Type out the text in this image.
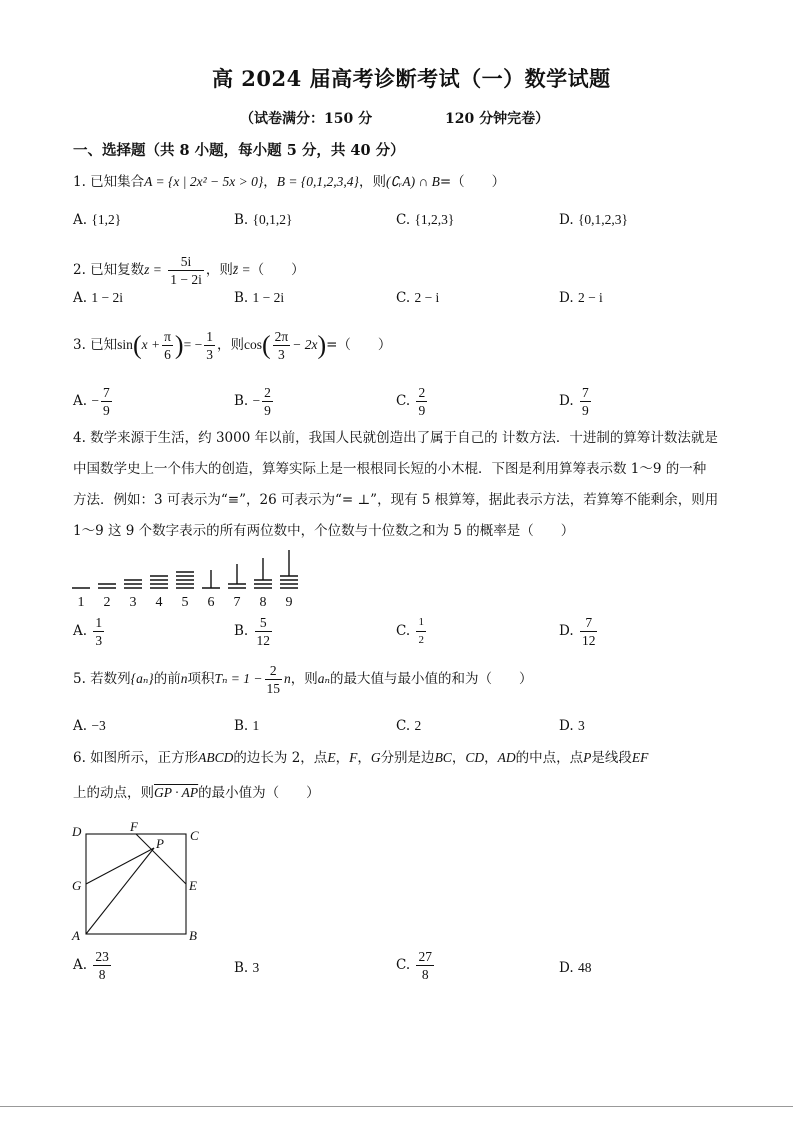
高 2024 届高考诊断考试（一）数学试题
（试卷满分：150 分	120 分钟完卷）
一、选择题（共 8 小题，每小题 5 分，共 40 分）
1. 已知集合A = {x | 2x² − 5x > 0}，B = {0,1,2,3,4}，则(∁ᵣA) ∩ B=（　　）
A. {1,2}	B. {0,1,2}	C. {1,2,3}	D. {0,1,2,3}
2. 已知复数$z = \frac{5i}{1 - 2i}$ ，则z̄ =（　　）
A. 1 − 2i	B. 1 − 2i	C. 2 − i	D. 2 − i
3. 已知$\sin(x + \frac{\pi}{6}$ )= − $\frac{1}{3}$ ，则$\cos( \frac{2\pi}{3} - 2x)=$（　　）
A. − $\frac{7}{9}$	B. − $\frac{2}{9}$	C. $\frac{2}{9}$	D. $\frac{7}{9}$
4. 数学来源于生活，约 3000 年以前，我国人民就创造出了属于自己的 计数方法．十进制的算筹计数法就是
中国数学史上一个伟大的创造，算筹实际上是一根根同长短的小木棍．下图是利用算筹表示数 1～9 的一种
方法．例如：3 可表示为“≡”，26 可表示为“= ⊥”，现有 5 根算筹，据此表示方法，若算筹不能剩余，则用
1～9 这 9 个数字表示的所有两位数中，个位数与十位数之和为 5 的概率是（　　）
1 2 3 4 5 6 7 8 9
A. $\frac{1}{3}$	B. $\frac{5}{12}$	C. $\frac{1}{2}$	D. $\frac{7}{12}$
5. 若数列{aₙ}的前n项积$T_n = 1 - \frac{2}{15}$ n，则aₙ的最大值与最小值的和为（　　）
A. −3	B. 1	C. 2	D. 3
6. 如图所示，正方形ABCD的边长为 2，点E，F，G分别是边BC，CD，AD的中点，点P是线段EF
上的动点，则GP · AP的最小值为（　　）
D	F
C
P
G	E
A	B
A. $\frac{23}{8}$	B. 3	C. $\frac{27}{8}$	D. 48
